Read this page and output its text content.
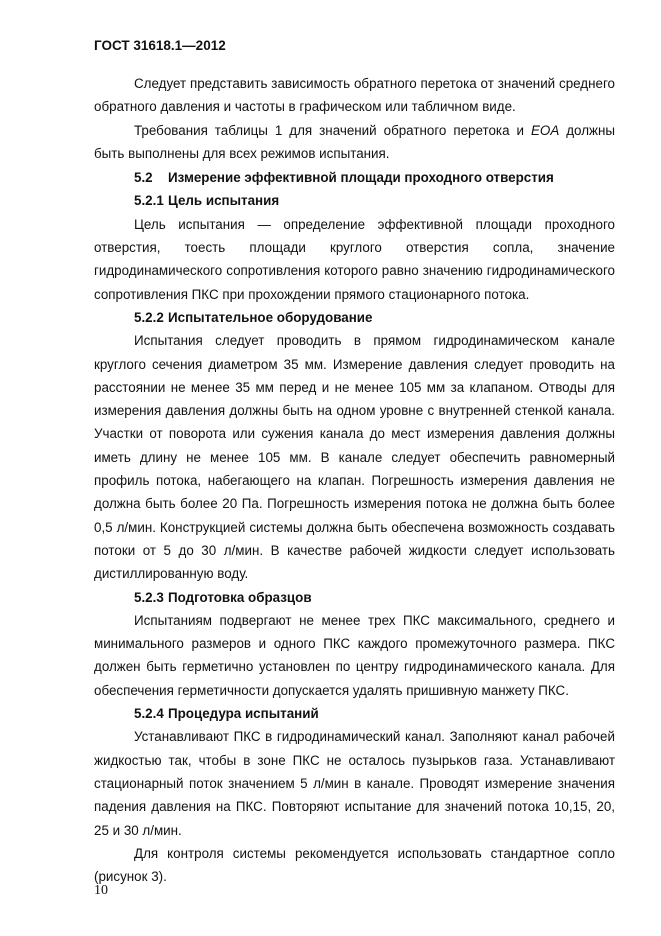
ГОСТ 31618.1—2012

Следует представить зависимость обратного перетока от значений среднего обратного давления и частоты в графическом или табличном виде.

Требования таблицы 1 для значений обратного перетока и EOA должны быть выполнены для всех режимов испытания.

5.2 Измерение эффективной площади проходного отверстия
5.2.1 Цель испытания

Цель испытания — определение эффективной площади проходного отверстия, тоесть площади круглого отверстия сопла, значение гидродинамического сопротивления которого равно значению гидродинамического сопротивления ПКС при прохождении прямого стационарного потока.

5.2.2 Испытательное оборудование

Испытания следует проводить в прямом гидродинамическом канале круглого сечения диаметром 35 мм. Измерение давления следует проводить на расстоянии не менее 35 мм перед и не менее 105 мм за клапаном. Отводы для измерения давления должны быть на одном уровне с внутренней стенкой канала. Участки от поворота или сужения канала до мест измерения давления должны иметь длину не менее 105 мм. В канале следует обеспечить равномерный профиль потока, набегающего на клапан. Погрешность измерения давления не должна быть более 20 Па. Погрешность измерения потока не должна быть более 0,5 л/мин. Конструкцией системы должна быть обеспечена возможность создавать потоки от 5 до 30 л/мин. В качестве рабочей жидкости следует использовать дистиллированную воду.

5.2.3 Подготовка образцов

Испытаниям подвергают не менее трех ПКС максимального, среднего и минимального размеров и одного ПКС каждого промежуточного размера. ПКС должен быть герметично установлен по центру гидродинамического канала. Для обеспечения герметичности допускается удалять пришивную манжету ПКС.

5.2.4 Процедура испытаний

Устанавливают ПКС в гидродинамический канал. Заполняют канал рабочей жидкостью так, чтобы в зоне ПКС не осталось пузырьков газа. Устанавливают стационарный поток значением 5 л/мин в канале. Проводят измерение значения падения давления на ПКС. Повторяют испытание для значений потока 10,15, 20, 25 и 30 л/мин.

Для контроля системы рекомендуется использовать стандартное сопло (рисунок 3).

10
